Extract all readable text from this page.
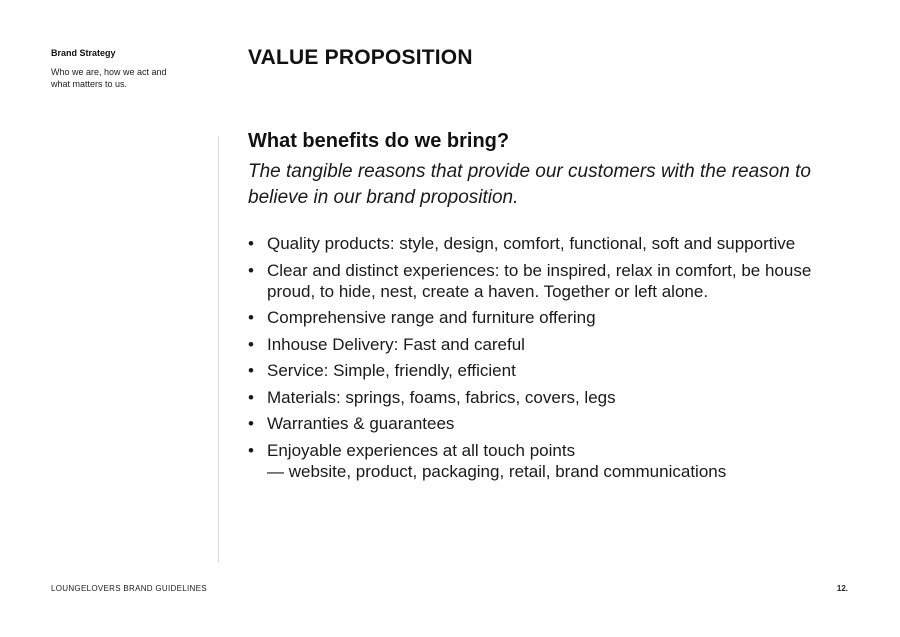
Brand Strategy
Who we are, how we act and
what matters to us.
VALUE PROPOSITION
What benefits do we bring?
The tangible reasons that provide our customers with the reason to believe in our brand proposition.
• Quality products: style, design, comfort, functional, soft and supportive
• Clear and distinct experiences: to be inspired, relax in comfort, be house proud, to hide, nest, create a haven. Together or left alone.
• Comprehensive range and furniture offering
• Inhouse Delivery: Fast and careful
• Service: Simple, friendly, efficient
• Materials: springs, foams, fabrics, covers, legs
• Warranties & guarantees
• Enjoyable experiences at all touch points
— website, product, packaging, retail, brand communications
LOUNGELOVERS BRAND GUIDELINES	12.
